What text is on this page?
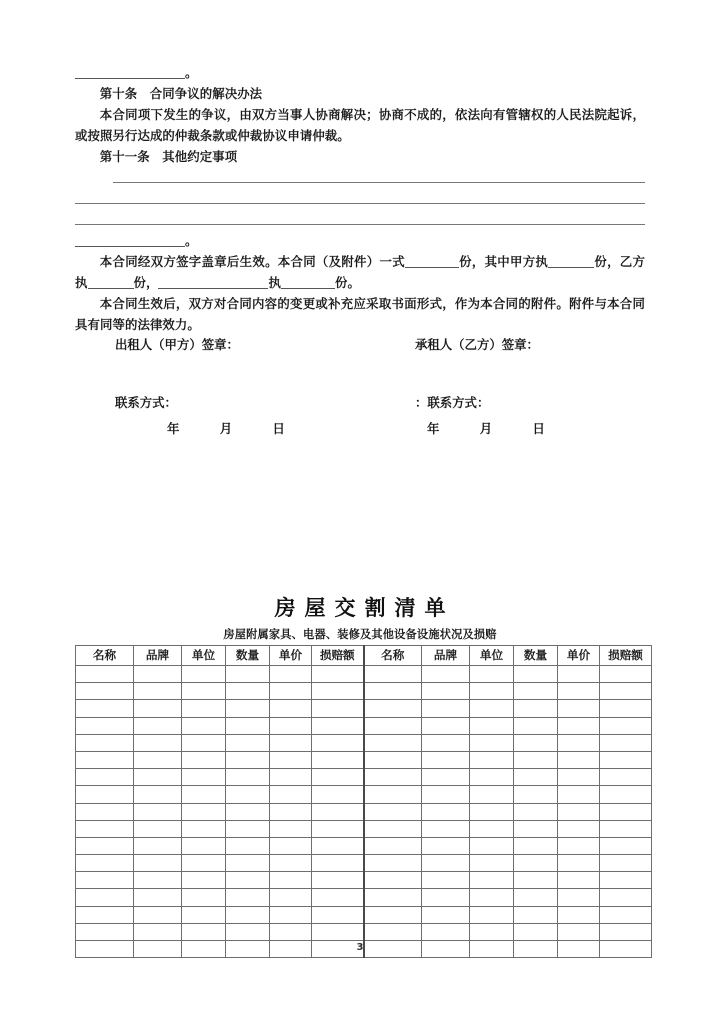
。
第十条　合同争议的解决办法
本合同项下发生的争议，由双方当事人协商解决；协商不成的，依法向有管辖权的人民法院起诉，或按照另行达成的仲裁条款或仲裁协议申请仲裁。
第十一条　其他约定事项
。
本合同经双方签字盖章后生效。本合同（及附件）一式	份，其中甲方执	份，乙方执	份，	执	份。
本合同生效后，双方对合同内容的变更或补充应采取书面形式，作为本合同的附件。附件与本合同具有同等的法律效力。
出租人（甲方）签章：	承租人（乙方）签章：
联系方式：	：联系方式：
年　月　日	年　月　日
房屋交割清单
房屋附属家具、电器、装修及其他设备设施状况及损赔
名称	品牌	单位	数量	单价	损赔额	名称	品牌	单位	数量	单价	损赔额

3
